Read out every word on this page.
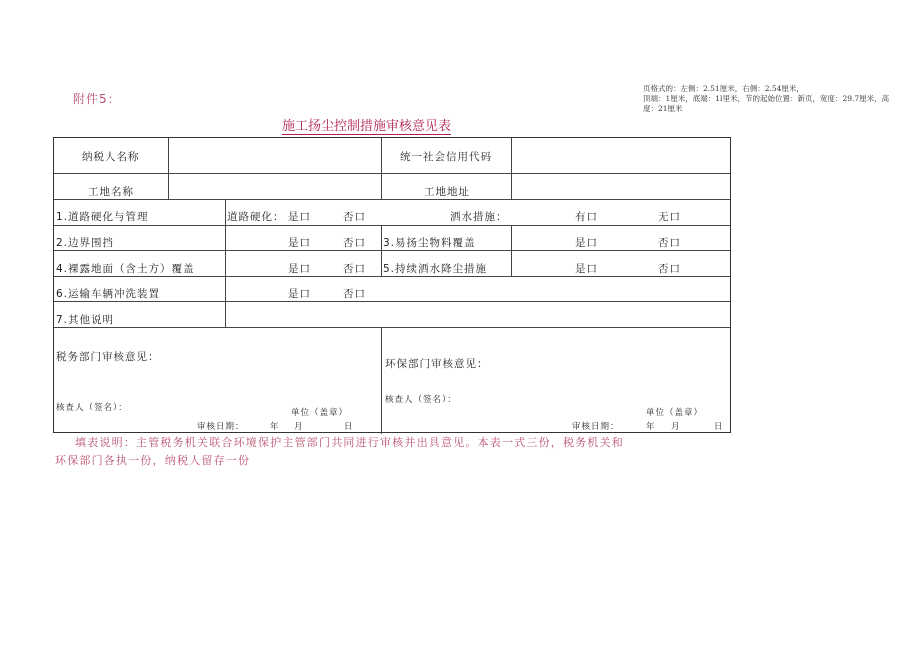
页格式的：左侧：2.51厘米，右侧：2.54厘米，
顶端：1厘米，底端：1l里米，节的起始位置：新页，宽度：29.7厘米，高
度：21厘米
附件5：
施工扬尘控制措施审核意见表
纳税人名称	统一社会信用代码
工地名称	工地地址
1.道路硬化与管理	道路硬化： 是口	否口	洒水措施：	有口	无口
2.边界围挡	是口	否口 3.易扬尘物料覆盖	是口	否口
4.裸露地面（含土方）覆盖	是口	否口 5.持续洒水降尘措施	是口	否口
6.运输车辆冲洗装置	是口	否口
7.其他说明
税务部门审核意见：
核查人（签名）：	单位（盖章）
审核日期：	年 月	日
环保部门审核意见：
核查人（签名）：
单位（盖章）
审核日期：	年 月	日
填表说明：主管税务机关联合环境保护主管部门共同进行审核并出具意见。本表一式三份，税务机关和
环保部门各执一份，纳税人留存一份
